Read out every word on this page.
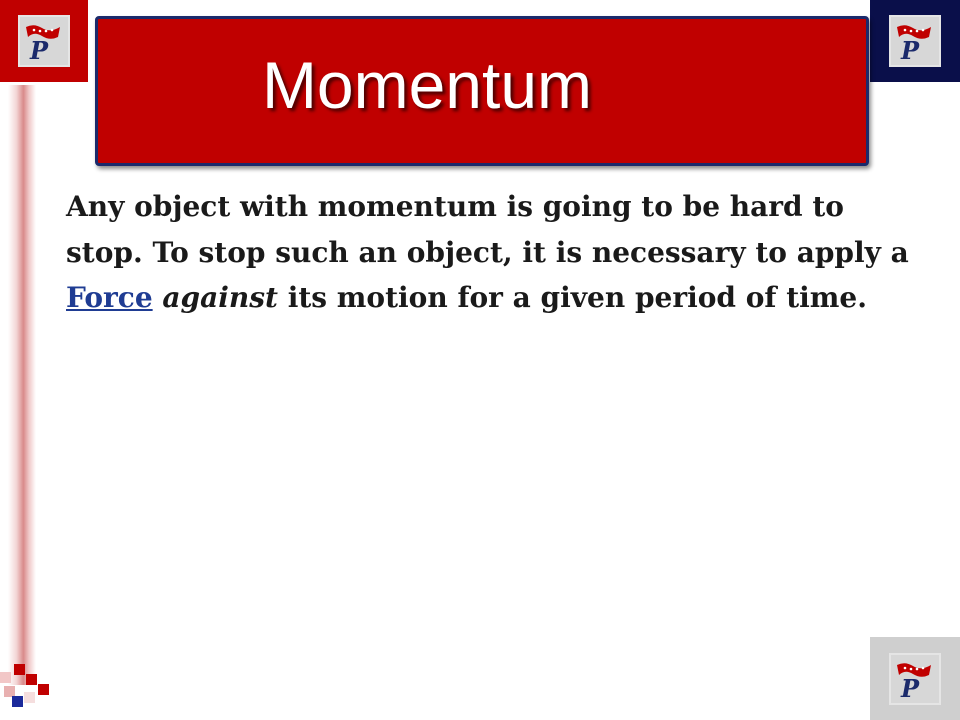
P	P
P
Momentum
Any object with momentum is going to be hard to stop. To stop such an object, it is necessary to apply a Force against its motion for a given period of time.
